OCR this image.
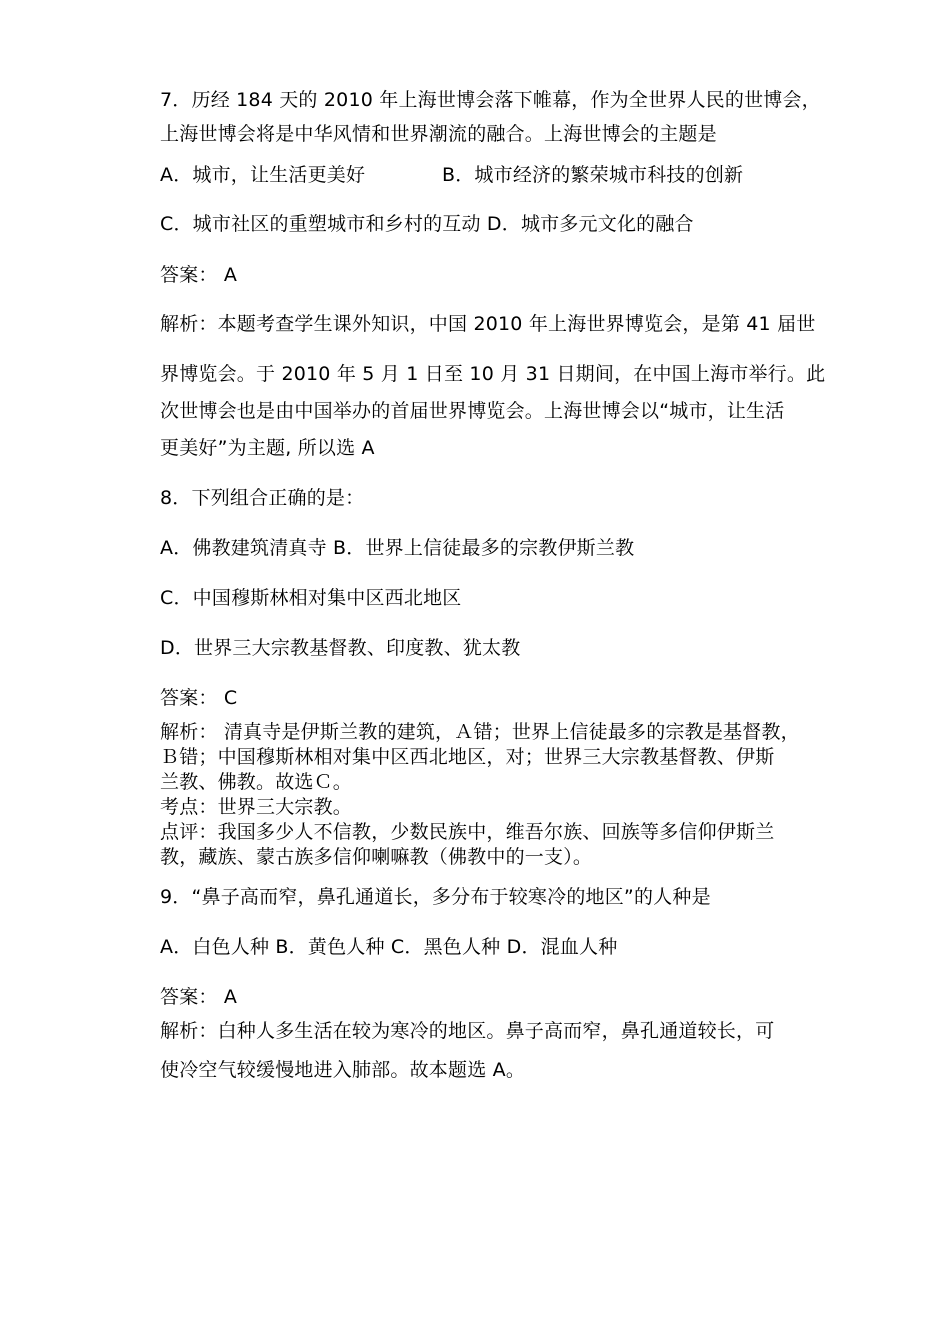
7．历经 184 天的 2010 年上海世博会落下帷幕，作为全世界人民的世博会，
上海世博会将是中华风情和世界潮流的融合。上海世博会的主题是
A．城市，让生活更美好　　　　B．城市经济的繁荣城市科技的创新
C．城市社区的重塑城市和乡村的互动 D．城市多元文化的融合
答案： A
解析：本题考查学生课外知识，中国 2010 年上海世界博览会，是第 41 届世
界博览会。于 2010 年 5 月 1 日至 10 月 31 日期间，在中国上海市举行。此
次世博会也是由中国举办的首届世界博览会。上海世博会以“城市，让生活
更美好”为主题, 所以选 A
8．下列组合正确的是：
A．佛教建筑清真寺 B．世界上信徒最多的宗教伊斯兰教
C．中国穆斯林相对集中区西北地区
D．世界三大宗教基督教、印度教、犹太教
答案： C
解析： 清真寺是伊斯兰教的建筑，Ａ错；世界上信徒最多的宗教是基督教，
Ｂ错；中国穆斯林相对集中区西北地区，对；世界三大宗教基督教、伊斯
兰教、佛教。故选Ｃ。
考点：世界三大宗教。
点评：我国多少人不信教，少数民族中，维吾尔族、回族等多信仰伊斯兰
教，藏族、蒙古族多信仰喇嘛教（佛教中的一支）。
9．“鼻子高而窄，鼻孔通道长，多分布于较寒冷的地区”的人种是
A．白色人种 B．黄色人种 C．黑色人种 D．混血人种
答案： A
解析：白种人多生活在较为寒冷的地区。鼻子高而窄，鼻孔通道较长，可
使冷空气较缓慢地进入肺部。故本题选 A。
